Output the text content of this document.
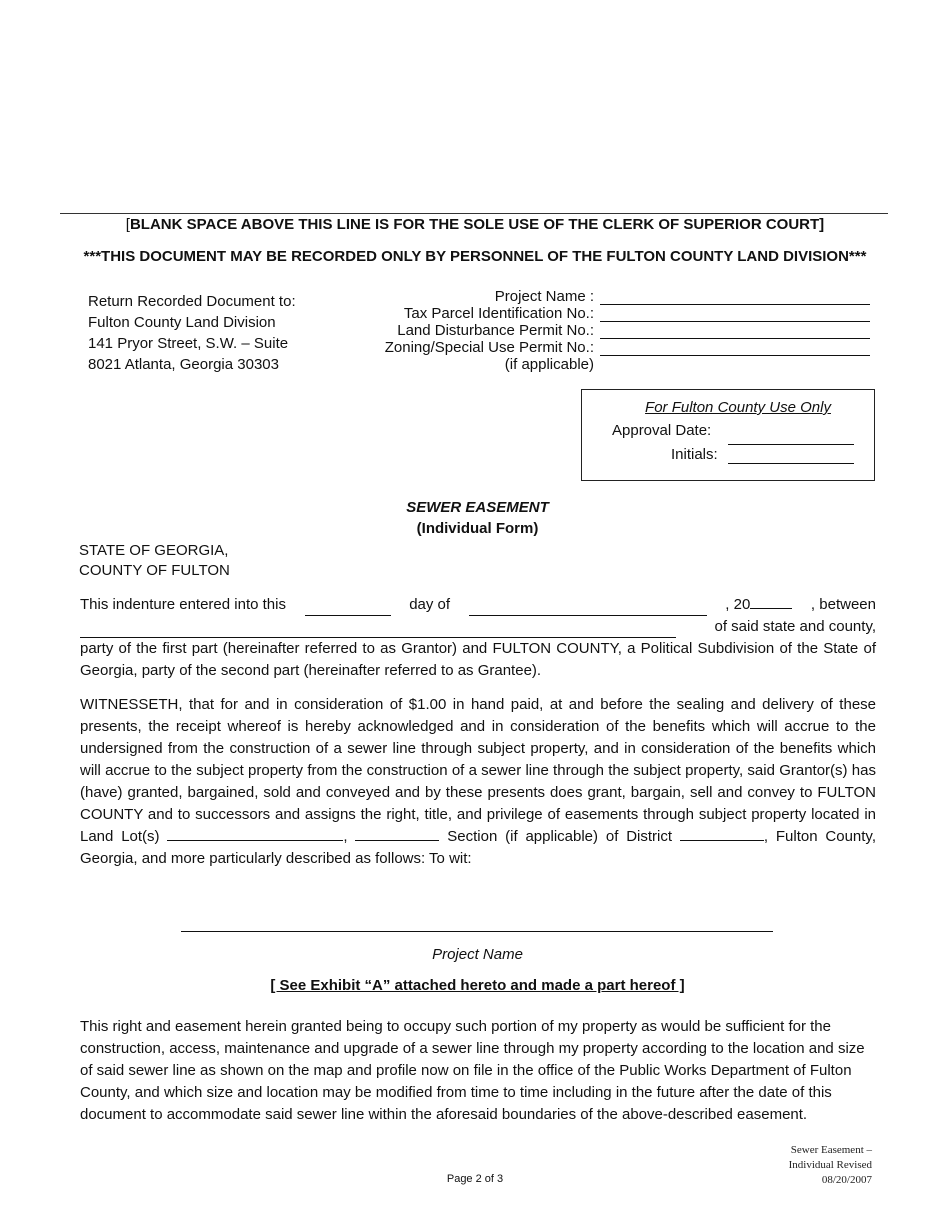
[BLANK SPACE ABOVE THIS LINE IS FOR THE SOLE USE OF THE CLERK OF SUPERIOR COURT]
***THIS DOCUMENT MAY BE RECORDED ONLY BY PERSONNEL OF THE FULTON COUNTY LAND DIVISION***
Return Recorded Document to:
Fulton County Land Division
141 Pryor Street, S.W. – Suite
8021 Atlanta, Georgia 30303
Project Name :
Tax Parcel Identification No.:
Land Disturbance Permit No.:
Zoning/Special Use Permit No.:
(if applicable)
For Fulton County Use Only
Approval Date:
Initials:
SEWER EASEMENT
(Individual Form)
STATE OF GEORGIA,
COUNTY OF FULTON
This indenture entered into this	day of	, 20	, between
of said state and county,
party of the first part (hereinafter referred to as Grantor) and FULTON COUNTY, a Political Subdivision of the State of Georgia, party of the second part (hereinafter referred to as Grantee).
WITNESSETH, that for and in consideration of $1.00 in hand paid, at and before the sealing and delivery of these presents, the receipt whereof is hereby acknowledged and in consideration of the benefits which will accrue to the undersigned from the construction of a sewer line through subject property, and in consideration of the benefits which will accrue to the subject property from the construction of a sewer line through the subject property, said Grantor(s) has (have) granted, bargained, sold and conveyed and by these presents does grant, bargain, sell and convey to FULTON COUNTY and to successors and assigns the right, title, and privilege of easements through subject property located in Land Lot(s)	,	Section (if applicable) of District	, Fulton County, Georgia, and more particularly described as follows: To wit:
Project Name
[ See Exhibit “A” attached hereto and made a part hereof ]
This right and easement herein granted being to occupy such portion of my property as would be sufficient for the construction, access, maintenance and upgrade of a sewer line through my property according to the location and size of said sewer line as shown on the map and profile now on file in the office of the Public Works Department of Fulton County, and which size and location may be modified from time to time including in the future after the date of this document to accommodate said sewer line within the aforesaid boundaries of the above-described easement.
Page 2 of 3
Sewer Easement –
Individual Revised
08/20/2007
